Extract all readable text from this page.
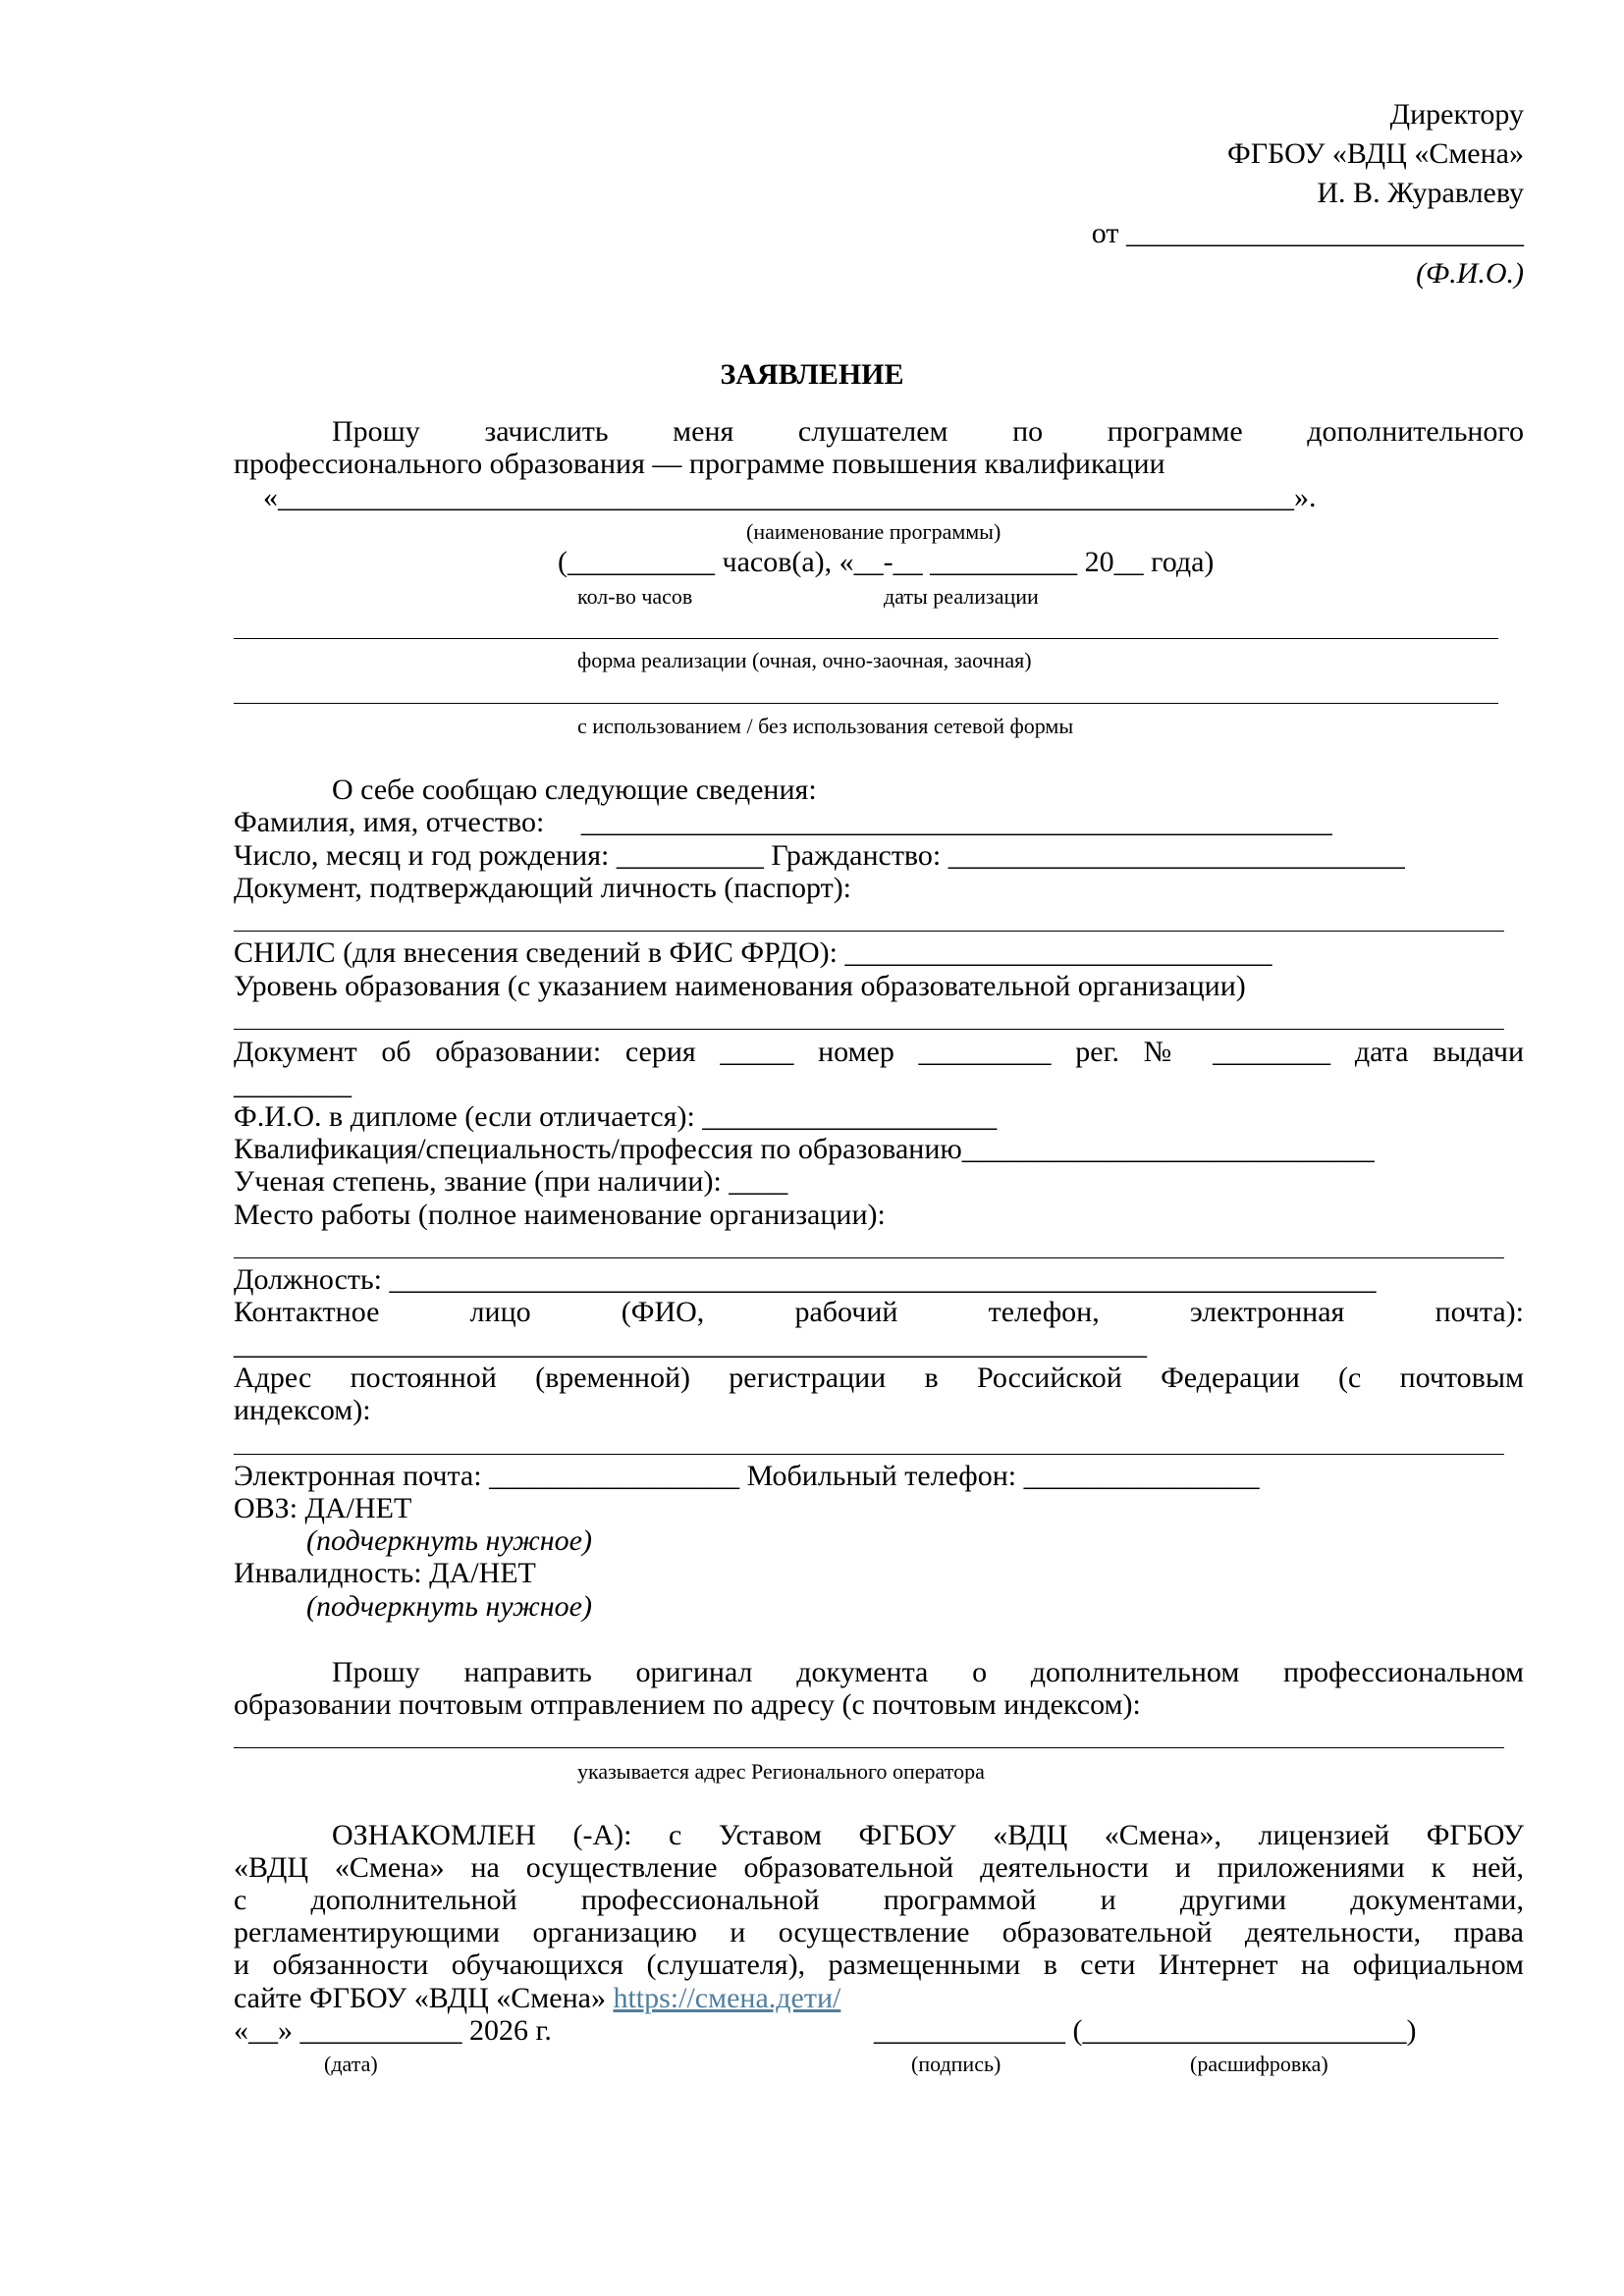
Директору
ФГБОУ «ВДЦ «Смена»
И. В. Журавлеву
от ___________________________
(Ф.И.О.)
ЗАЯВЛЕНИЕ
Прошу зачислить меня слушателем по программе дополнительного
профессионального образования — программе повышения квалификации
«_____________________________________________________________________».
(наименование программы)
(__________ часов(а), «__-__ __________ 20__ года)
кол-во часов	даты реализации
форма реализации (очная, очно-заочная, заочная)
с использованием / без использования сетевой формы
О себе сообщаю следующие сведения:
Фамилия, имя, отчество:     ___________________________________________________
Число, месяц и год рождения: __________ Гражданство: _______________________________
Документ, подтверждающий личность (паспорт):
СНИЛС (для внесения сведений в ФИС ФРДО): _____________________________
Уровень образования (с указанием наименования образовательной организации)
Документ об образовании: серия _____ номер _________ рег. № ________ дата выдачи
________
Ф.И.О. в дипломе (если отличается): ____________________
Квалификация/специальность/профессия по образованию____________________________
Ученая степень, звание (при наличии): ____
Место работы (полное наименование организации):
Должность: ___________________________________________________________________
Контактное лицо (ФИО, рабочий телефон, электронная почта):
______________________________________________________________
Адрес постоянной (временной) регистрации в Российской Федерации (с почтовым
индексом):
Электронная почта: _________________ Мобильный телефон: ________________
ОВЗ: ДА/НЕТ
(подчеркнуть нужное)
Инвалидность: ДА/НЕТ
(подчеркнуть нужное)
Прошу направить оригинал документа о дополнительном профессиональном
образовании почтовым отправлением по адресу (с почтовым индексом):
указывается адрес Регионального оператора
ОЗНАКОМЛЕН (-А): с Уставом ФГБОУ «ВДЦ «Смена», лицензией ФГБОУ
«ВДЦ «Смена» на осуществление образовательной деятельности и приложениями к ней,
с дополнительной профессиональной программой и другими документами,
регламентирующими организацию и осуществление образовательной деятельности, права
и обязанности обучающихся (слушателя), размещенными в сети Интернет на официальном
сайте ФГБОУ «ВДЦ «Смена» https://смена.дети/
«__» ___________ 2026 г.	_____________ (______________________)
(дата)	(подпись)	(расшифровка)
